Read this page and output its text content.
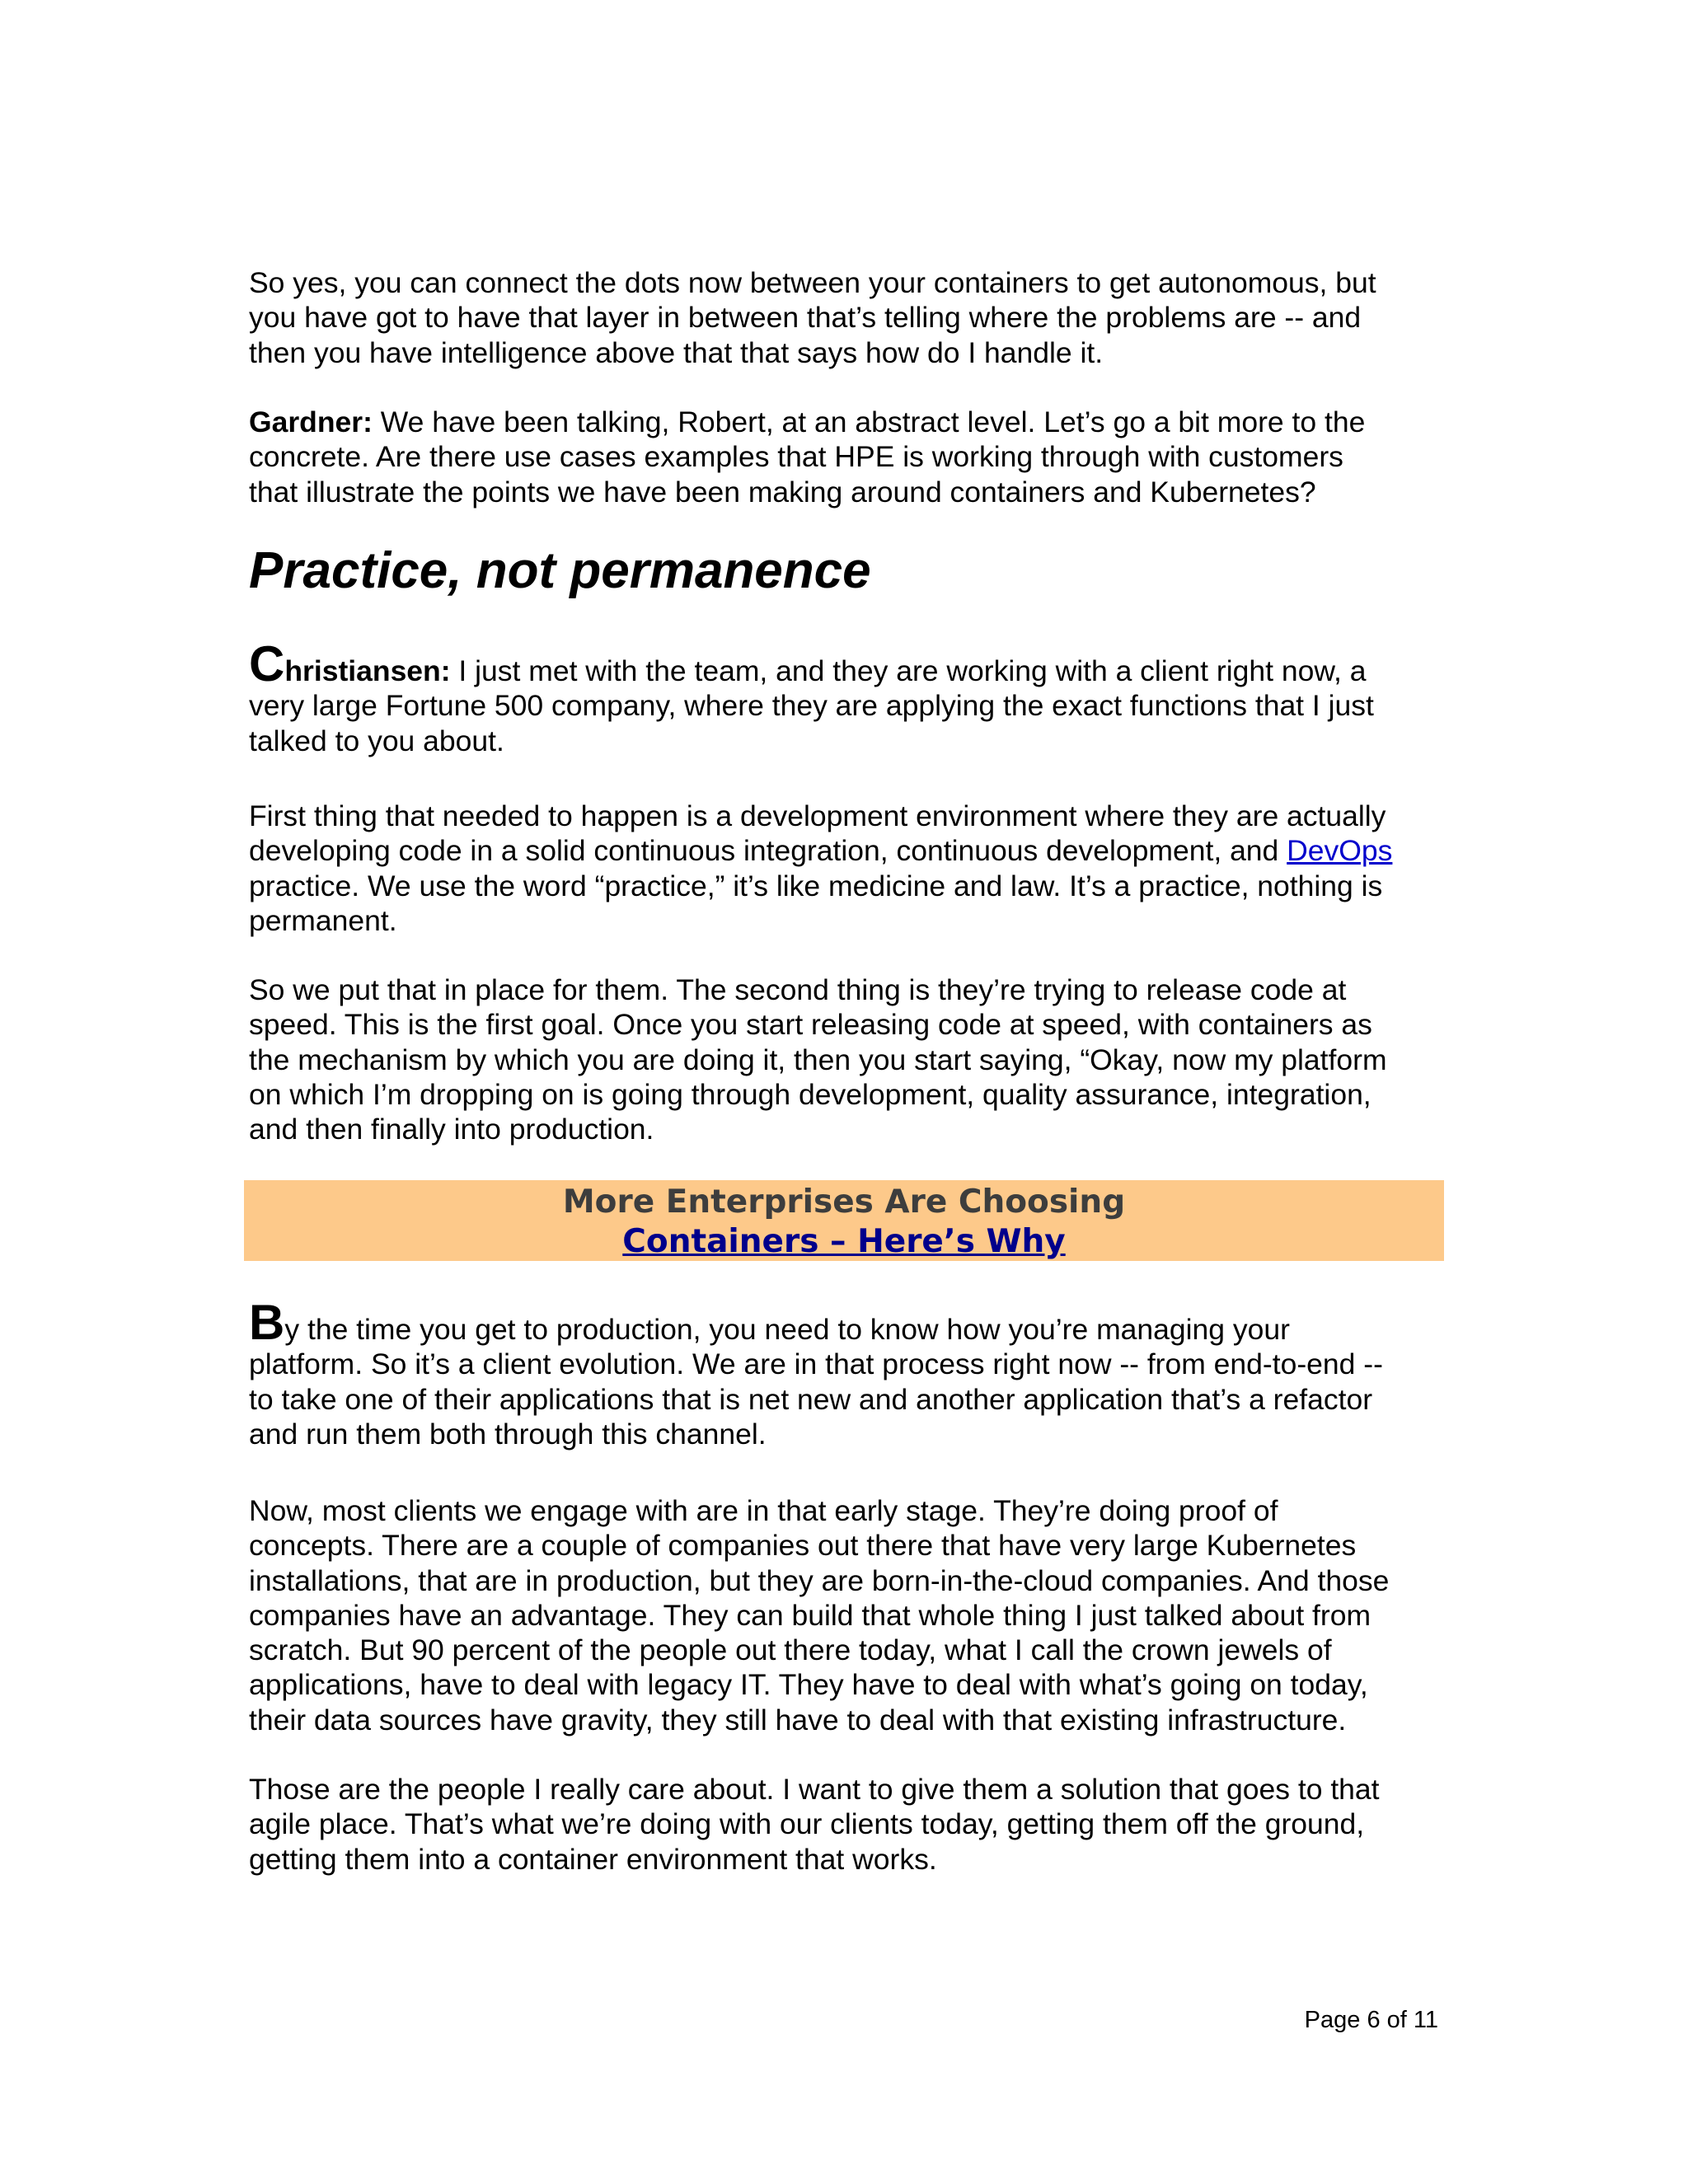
So yes, you can connect the dots now between your containers to get autonomous, but
you have got to have that layer in between that’s telling where the problems are -- and
then you have intelligence above that that says how do I handle it.

Gardner: We have been talking, Robert, at an abstract level. Let’s go a bit more to the
concrete. Are there use cases examples that HPE is working through with customers
that illustrate the points we have been making around containers and Kubernetes?

Practice, not permanence

Christiansen: I just met with the team, and they are working with a client right now, a
very large Fortune 500 company, where they are applying the exact functions that I just
talked to you about.

First thing that needed to happen is a development environment where they are actually
developing code in a solid continuous integration, continuous development, and DevOps
practice. We use the word “practice,” it’s like medicine and law. It’s a practice, nothing is
permanent.

So we put that in place for them. The second thing is they’re trying to release code at
speed. This is the first goal. Once you start releasing code at speed, with containers as
the mechanism by which you are doing it, then you start saying, “Okay, now my platform
on which I’m dropping on is going through development, quality assurance, integration,
and then finally into production.

More Enterprises Are Choosing
Containers – Here’s Why

By the time you get to production, you need to know how you’re managing your
platform. So it’s a client evolution. We are in that process right now -- from end-to-end --
to take one of their applications that is net new and another application that’s a refactor
and run them both through this channel.

Now, most clients we engage with are in that early stage. They’re doing proof of
concepts. There are a couple of companies out there that have very large Kubernetes
installations, that are in production, but they are born-in-the-cloud companies. And those
companies have an advantage. They can build that whole thing I just talked about from
scratch. But 90 percent of the people out there today, what I call the crown jewels of
applications, have to deal with legacy IT. They have to deal with what’s going on today,
their data sources have gravity, they still have to deal with that existing infrastructure.

Those are the people I really care about. I want to give them a solution that goes to that
agile place. That’s what we’re doing with our clients today, getting them off the ground,
getting them into a container environment that works.

Page 6 of 11
